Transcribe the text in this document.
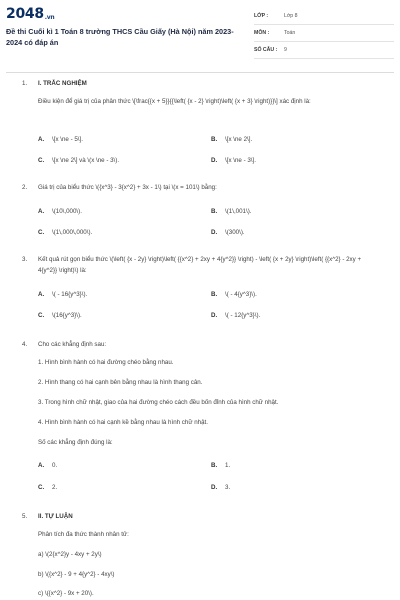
2048.vn
Đề thi Cuối kì 1 Toán 8 trường THCS Cầu Giấy (Hà Nội) năm 2023-2024 có đáp án
LỚP :	Lớp 8
MÔN :	Toán
SỐ CÂU : 9
1. I. TRẮC NGHIỆM
Điều kiện để giá trị của phân thức \[\frac{{x + 5}}{{\left( {x - 2} \right)\left( {x + 3} \right)}}\] xác định là:
A. \[x \ne - 5\].	B. \[x \ne 2\].
C. \[x \ne 2\] và \(x \ne - 3\).	D. \[x \ne - 3\].
2. Giá trị của biểu thức \({x^3} - 3{x^2} + 3x - 1\) tại \(x = 101\) bằng:
A. \(10\,000\).	B. \(1\,001\).
C. \(1\,000\,000\).	D. \(300\).
3. Kết quả rút gọn biểu thức \(\left( {x - 2y} \right)\left( {{x^2} + 2xy + 4{y^2}} \right) - \left( {x + 2y} \right)\left( {{x^2} - 2xy + 4{y^2}} \right)\) là:
A. \( - 16{y^3}\).	B. \( - 4{y^3}\).
C. \(16{y^3}\).	D. \( - 12{y^3}\).
4. Cho các khẳng định sau:
1. Hình bình hành có hai đường chéo bằng nhau.
2. Hình thang có hai cạnh bên bằng nhau là hình thang cân.
3. Trong hình chữ nhật, giao của hai đường chéo cách đều bốn đỉnh của hình chữ nhật.
4. Hình bình hành có hai cạnh kề bằng nhau là hình chữ nhật.
Số các khẳng định đúng là:
A. 0.	B. 1.
C. 2.	D. 3.
5. II. TỰ LUẬN
Phân tích đa thức thành nhân tử:
a) \(2{x^2}y - 4xy + 2y\)
b) \({x^2} - 9 + 4{y^2} - 4xy\)
c) \({x^2} - 9x + 20\).
